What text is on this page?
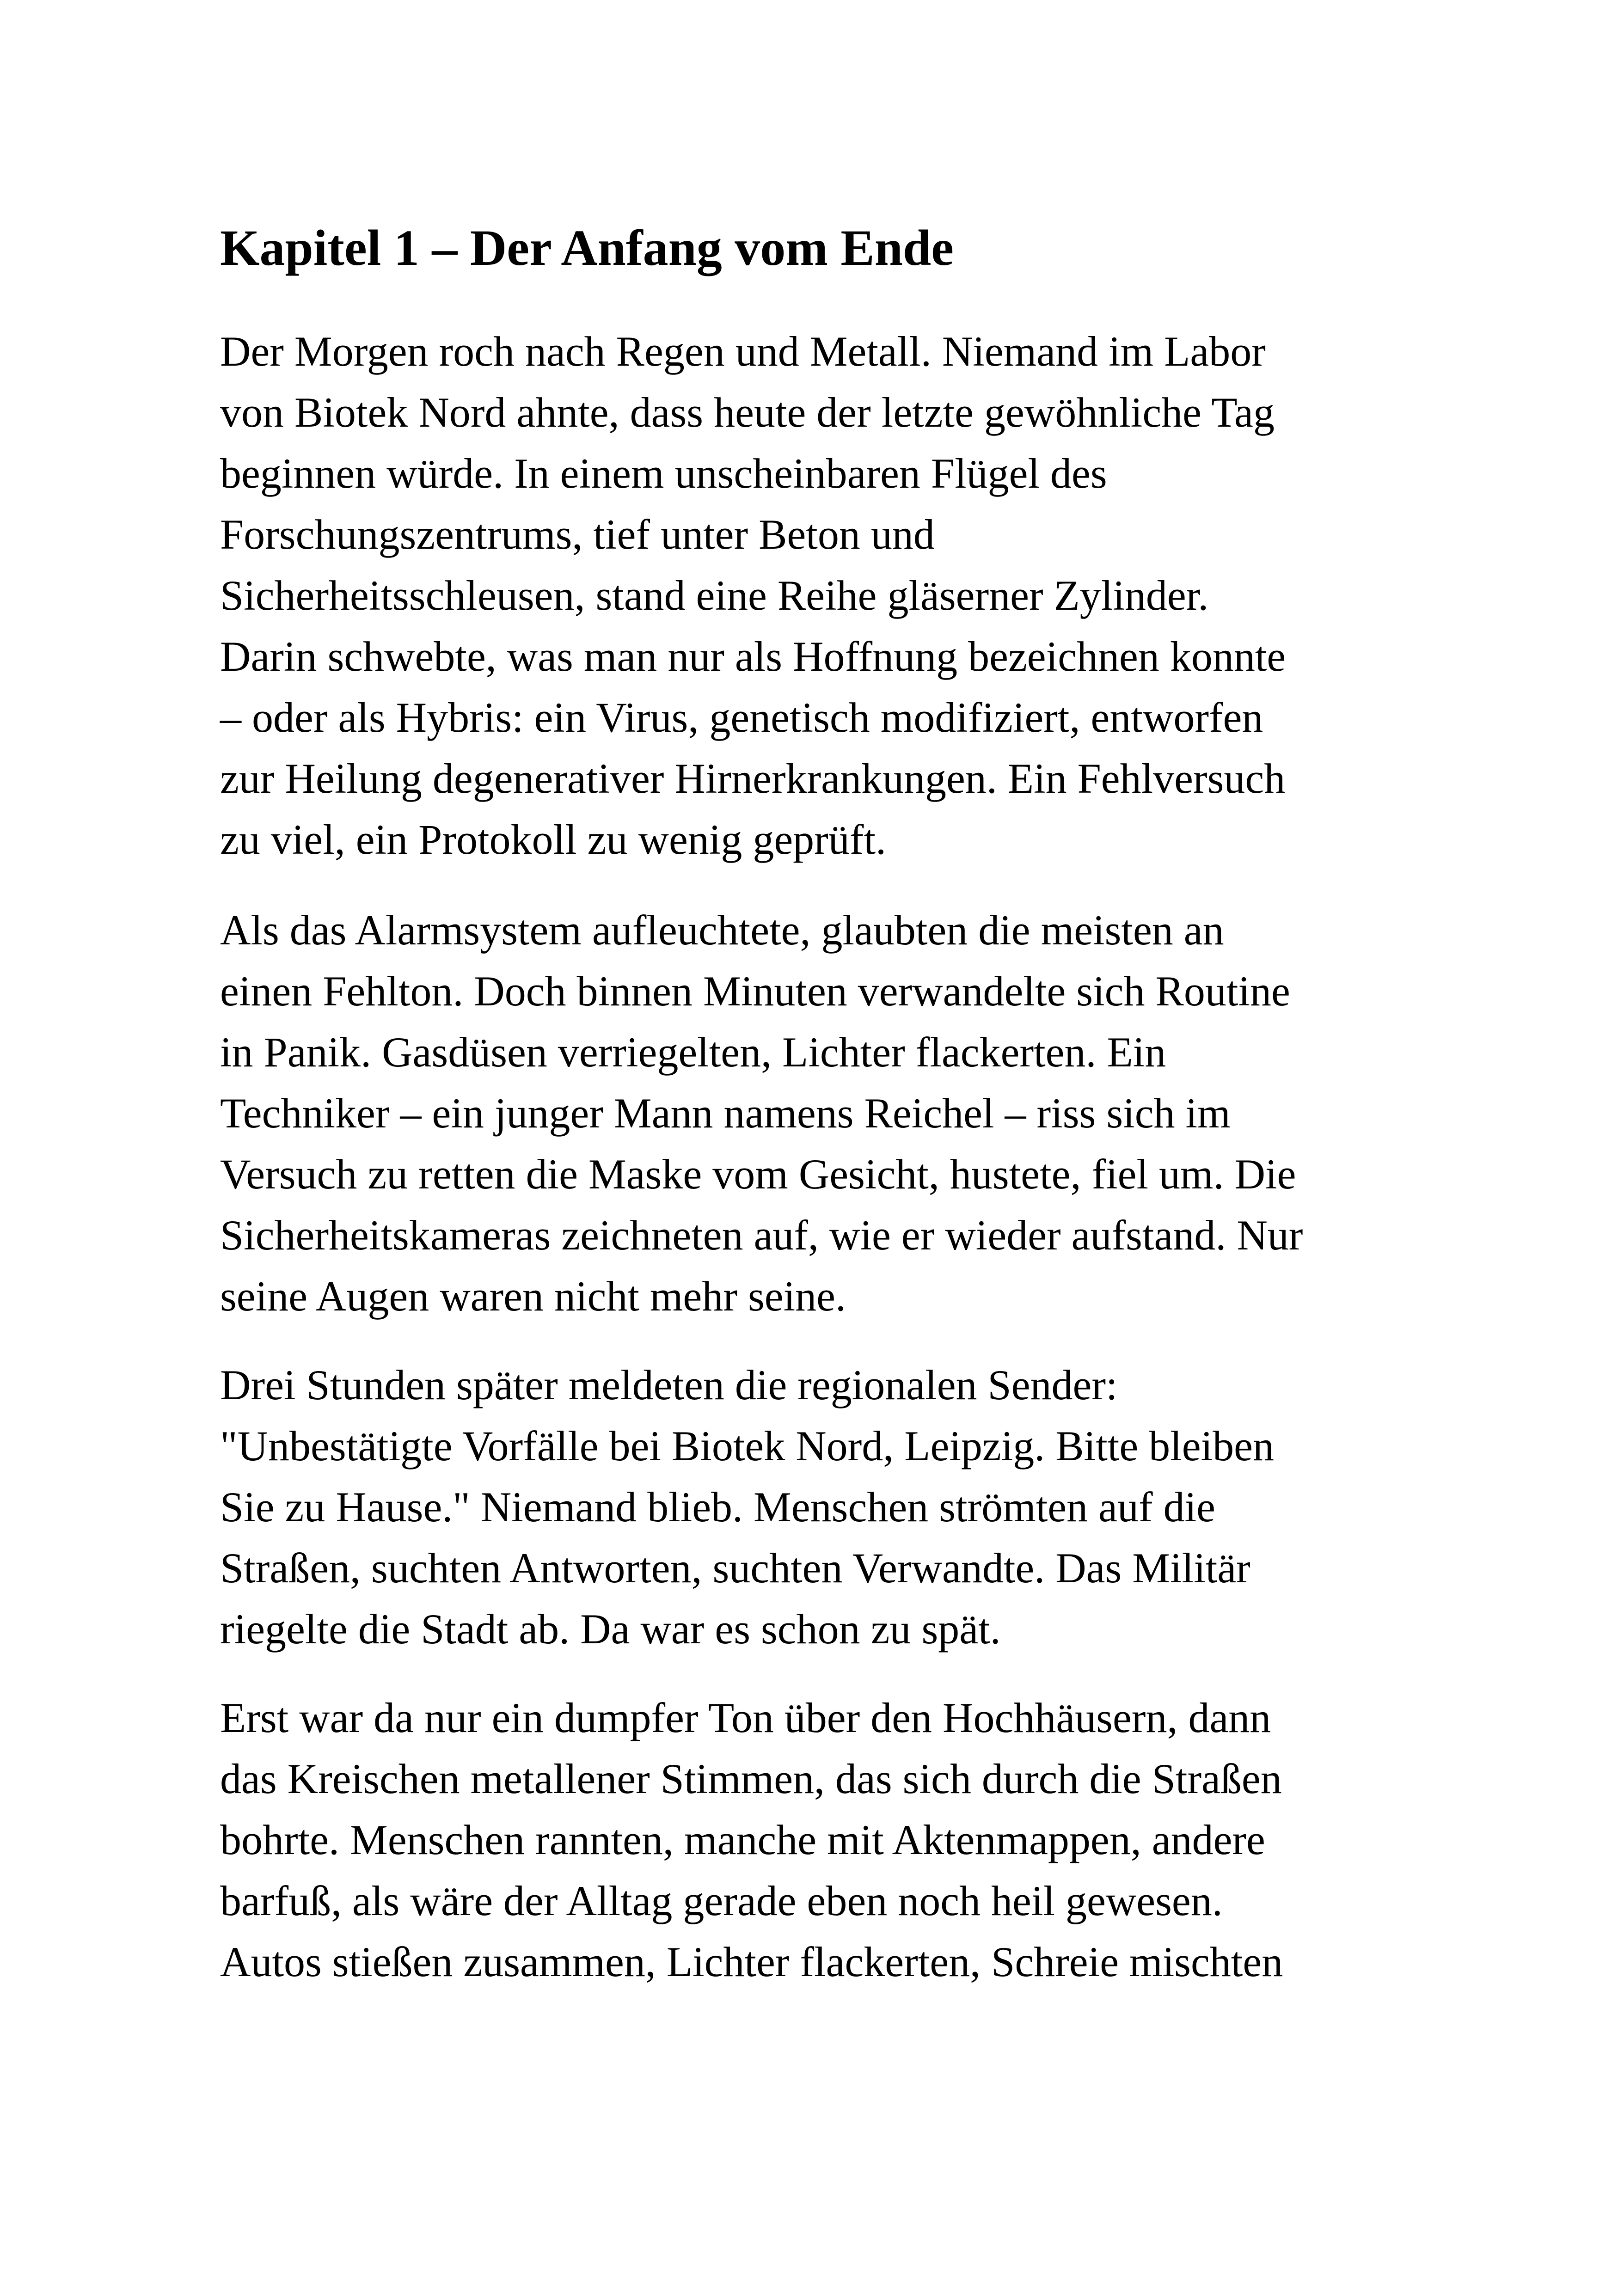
Kapitel 1 – Der Anfang vom Ende

Der Morgen roch nach Regen und Metall. Niemand im Labor
von Biotek Nord ahnte, dass heute der letzte gewöhnliche Tag
beginnen würde. In einem unscheinbaren Flügel des
Forschungszentrums, tief unter Beton und
Sicherheitsschleusen, stand eine Reihe gläserner Zylinder.
Darin schwebte, was man nur als Hoffnung bezeichnen konnte
– oder als Hybris: ein Virus, genetisch modifiziert, entworfen
zur Heilung degenerativer Hirnerkrankungen. Ein Fehlversuch
zu viel, ein Protokoll zu wenig geprüft.

Als das Alarmsystem aufleuchtete, glaubten die meisten an
einen Fehlton. Doch binnen Minuten verwandelte sich Routine
in Panik. Gasdüsen verriegelten, Lichter flackerten. Ein
Techniker – ein junger Mann namens Reichel – riss sich im
Versuch zu retten die Maske vom Gesicht, hustete, fiel um. Die
Sicherheitskameras zeichneten auf, wie er wieder aufstand. Nur
seine Augen waren nicht mehr seine.

Drei Stunden später meldeten die regionalen Sender:
"Unbestätigte Vorfälle bei Biotek Nord, Leipzig. Bitte bleiben
Sie zu Hause." Niemand blieb. Menschen strömten auf die
Straßen, suchten Antworten, suchten Verwandte. Das Militär
riegelte die Stadt ab. Da war es schon zu spät.

Erst war da nur ein dumpfer Ton über den Hochhäusern, dann
das Kreischen metallener Stimmen, das sich durch die Straßen
bohrte. Menschen rannten, manche mit Aktenmappen, andere
barfuß, als wäre der Alltag gerade eben noch heil gewesen.
Autos stießen zusammen, Lichter flackerten, Schreie mischten
